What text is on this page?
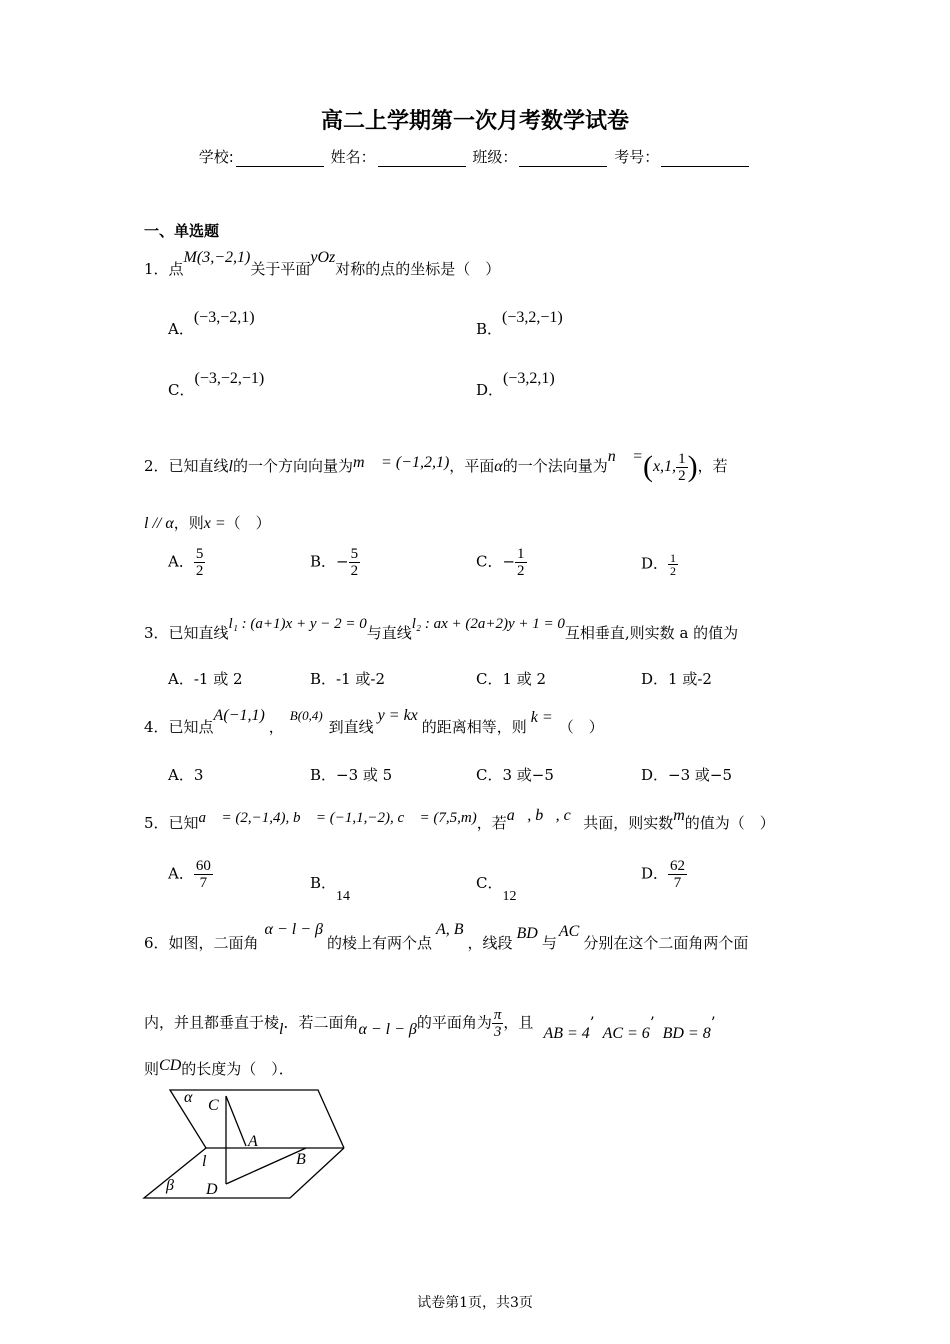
高二上学期第一次月考数学试卷
学校:	姓名：	班级：	考号：
一、单选题
1．点M(3,−2,1)关于平面yOz对称的点的坐标是（　）
A．(−3,−2,1)
B．(−3,2,−1)
C．(−3,−2,−1)
D．(−3,2,1)
2．已知直线l的一个方向向量为m⃗ = (−1,2,1)，平面α的一个法向量为n⃗ =(x,1, $\frac{1}{2}$ )，若
l // α，则x =（　）
A． $\frac{5}{2}$	B．− $\frac{5}{2}$	C．− $\frac{1}{2}$	D． $\frac{1}{2}$
3．已知直线l₁ : (a+1)x + y − 2 = 0与直线l₂ : ax + (2a+2)y + 1 = 0互相垂直,则实数 a 的值为
A．-1 或 2	B．-1 或-2	C．1 或 2	D．1 或-2
4．已知点A(−1,1)，B(0,4)到直线y = kx的距离相等，则k =（　）
A．3	B．−3 或 5	C．3 或−5	D．−3 或−5
5．已知a⃗ = (2,−1,4), b⃗ = (−1,1,−2), c⃗ = (7,5,m)，若a⃗, b⃗, c⃗共面，则实数m的值为（　）
A． $\frac{60}{7}$	B．14
C．12
D． $\frac{62}{7}$
6．如图，二面角α − l − β的棱上有两个点A, B，线段BD与AC分别在这个二面角两个面
内，并且都垂直于棱l．若二面角α − l − β的平面角为 $\frac{\pi}{3}$ ，且AB = 4’AC = 6’BD = 8’
则CD的长度为（　）．
α C
A
l	B
β D
试卷第1页，共3页
